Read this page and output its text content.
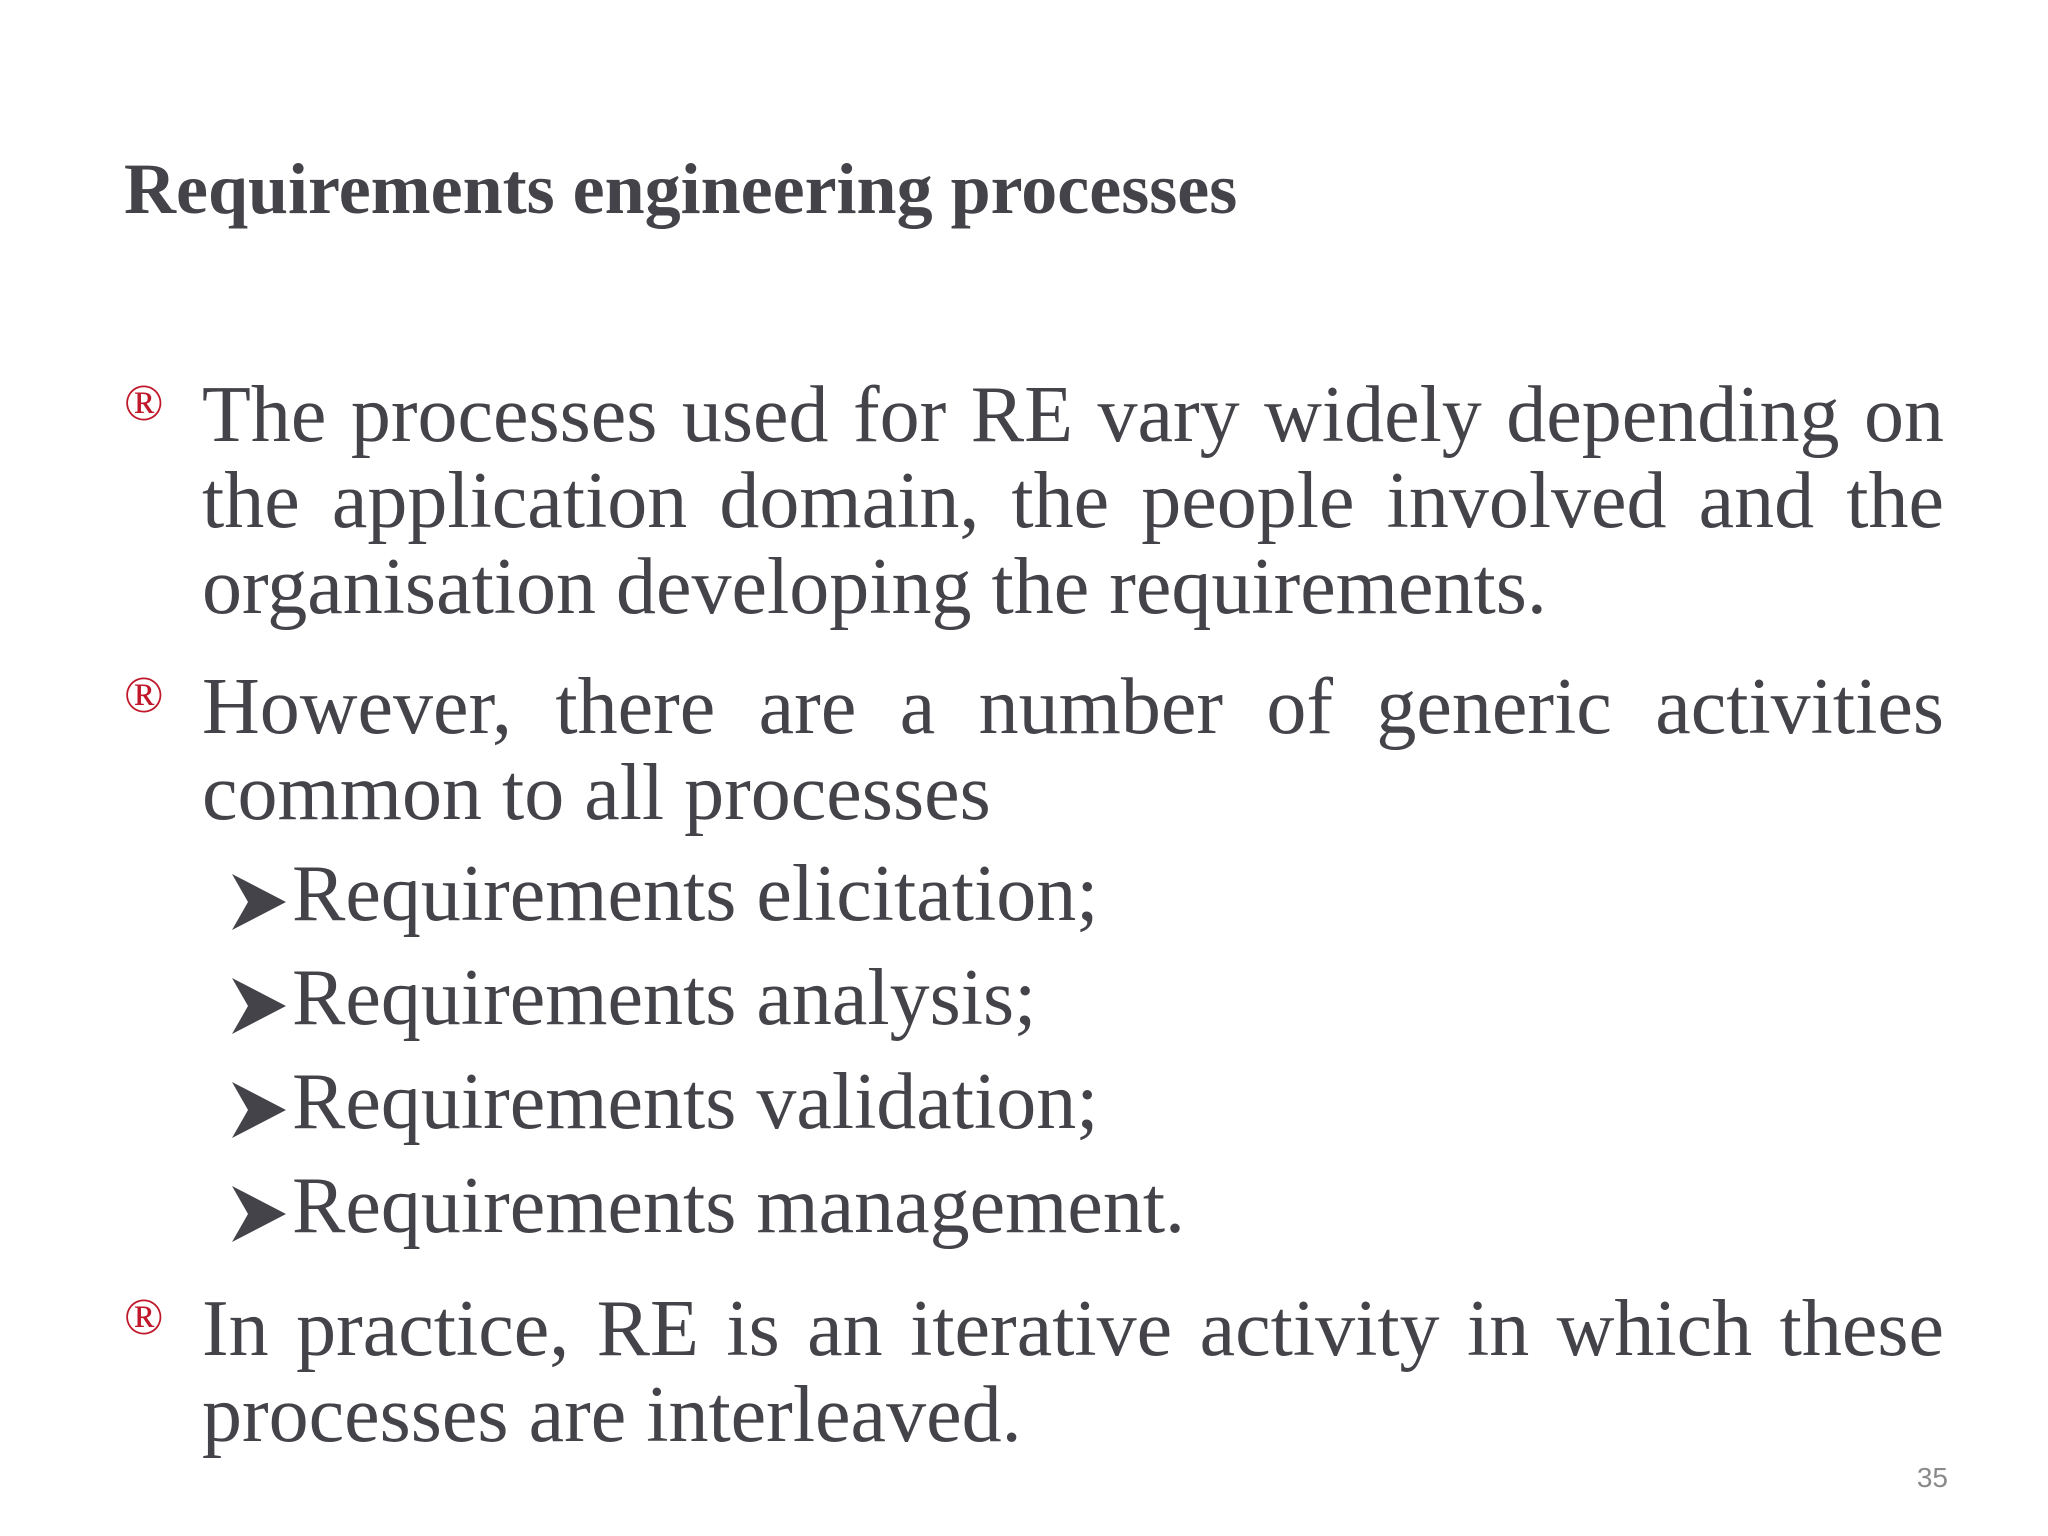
Requirements engineering processes

® The processes used for RE vary widely depending on the application domain, the people involved and the organisation developing the requirements.

® However, there are a number of generic activities common to all processes

Requirements elicitation;
Requirements analysis;
Requirements validation;
Requirements management.

® In practice, RE is an iterative activity in which these processes are interleaved.

35
